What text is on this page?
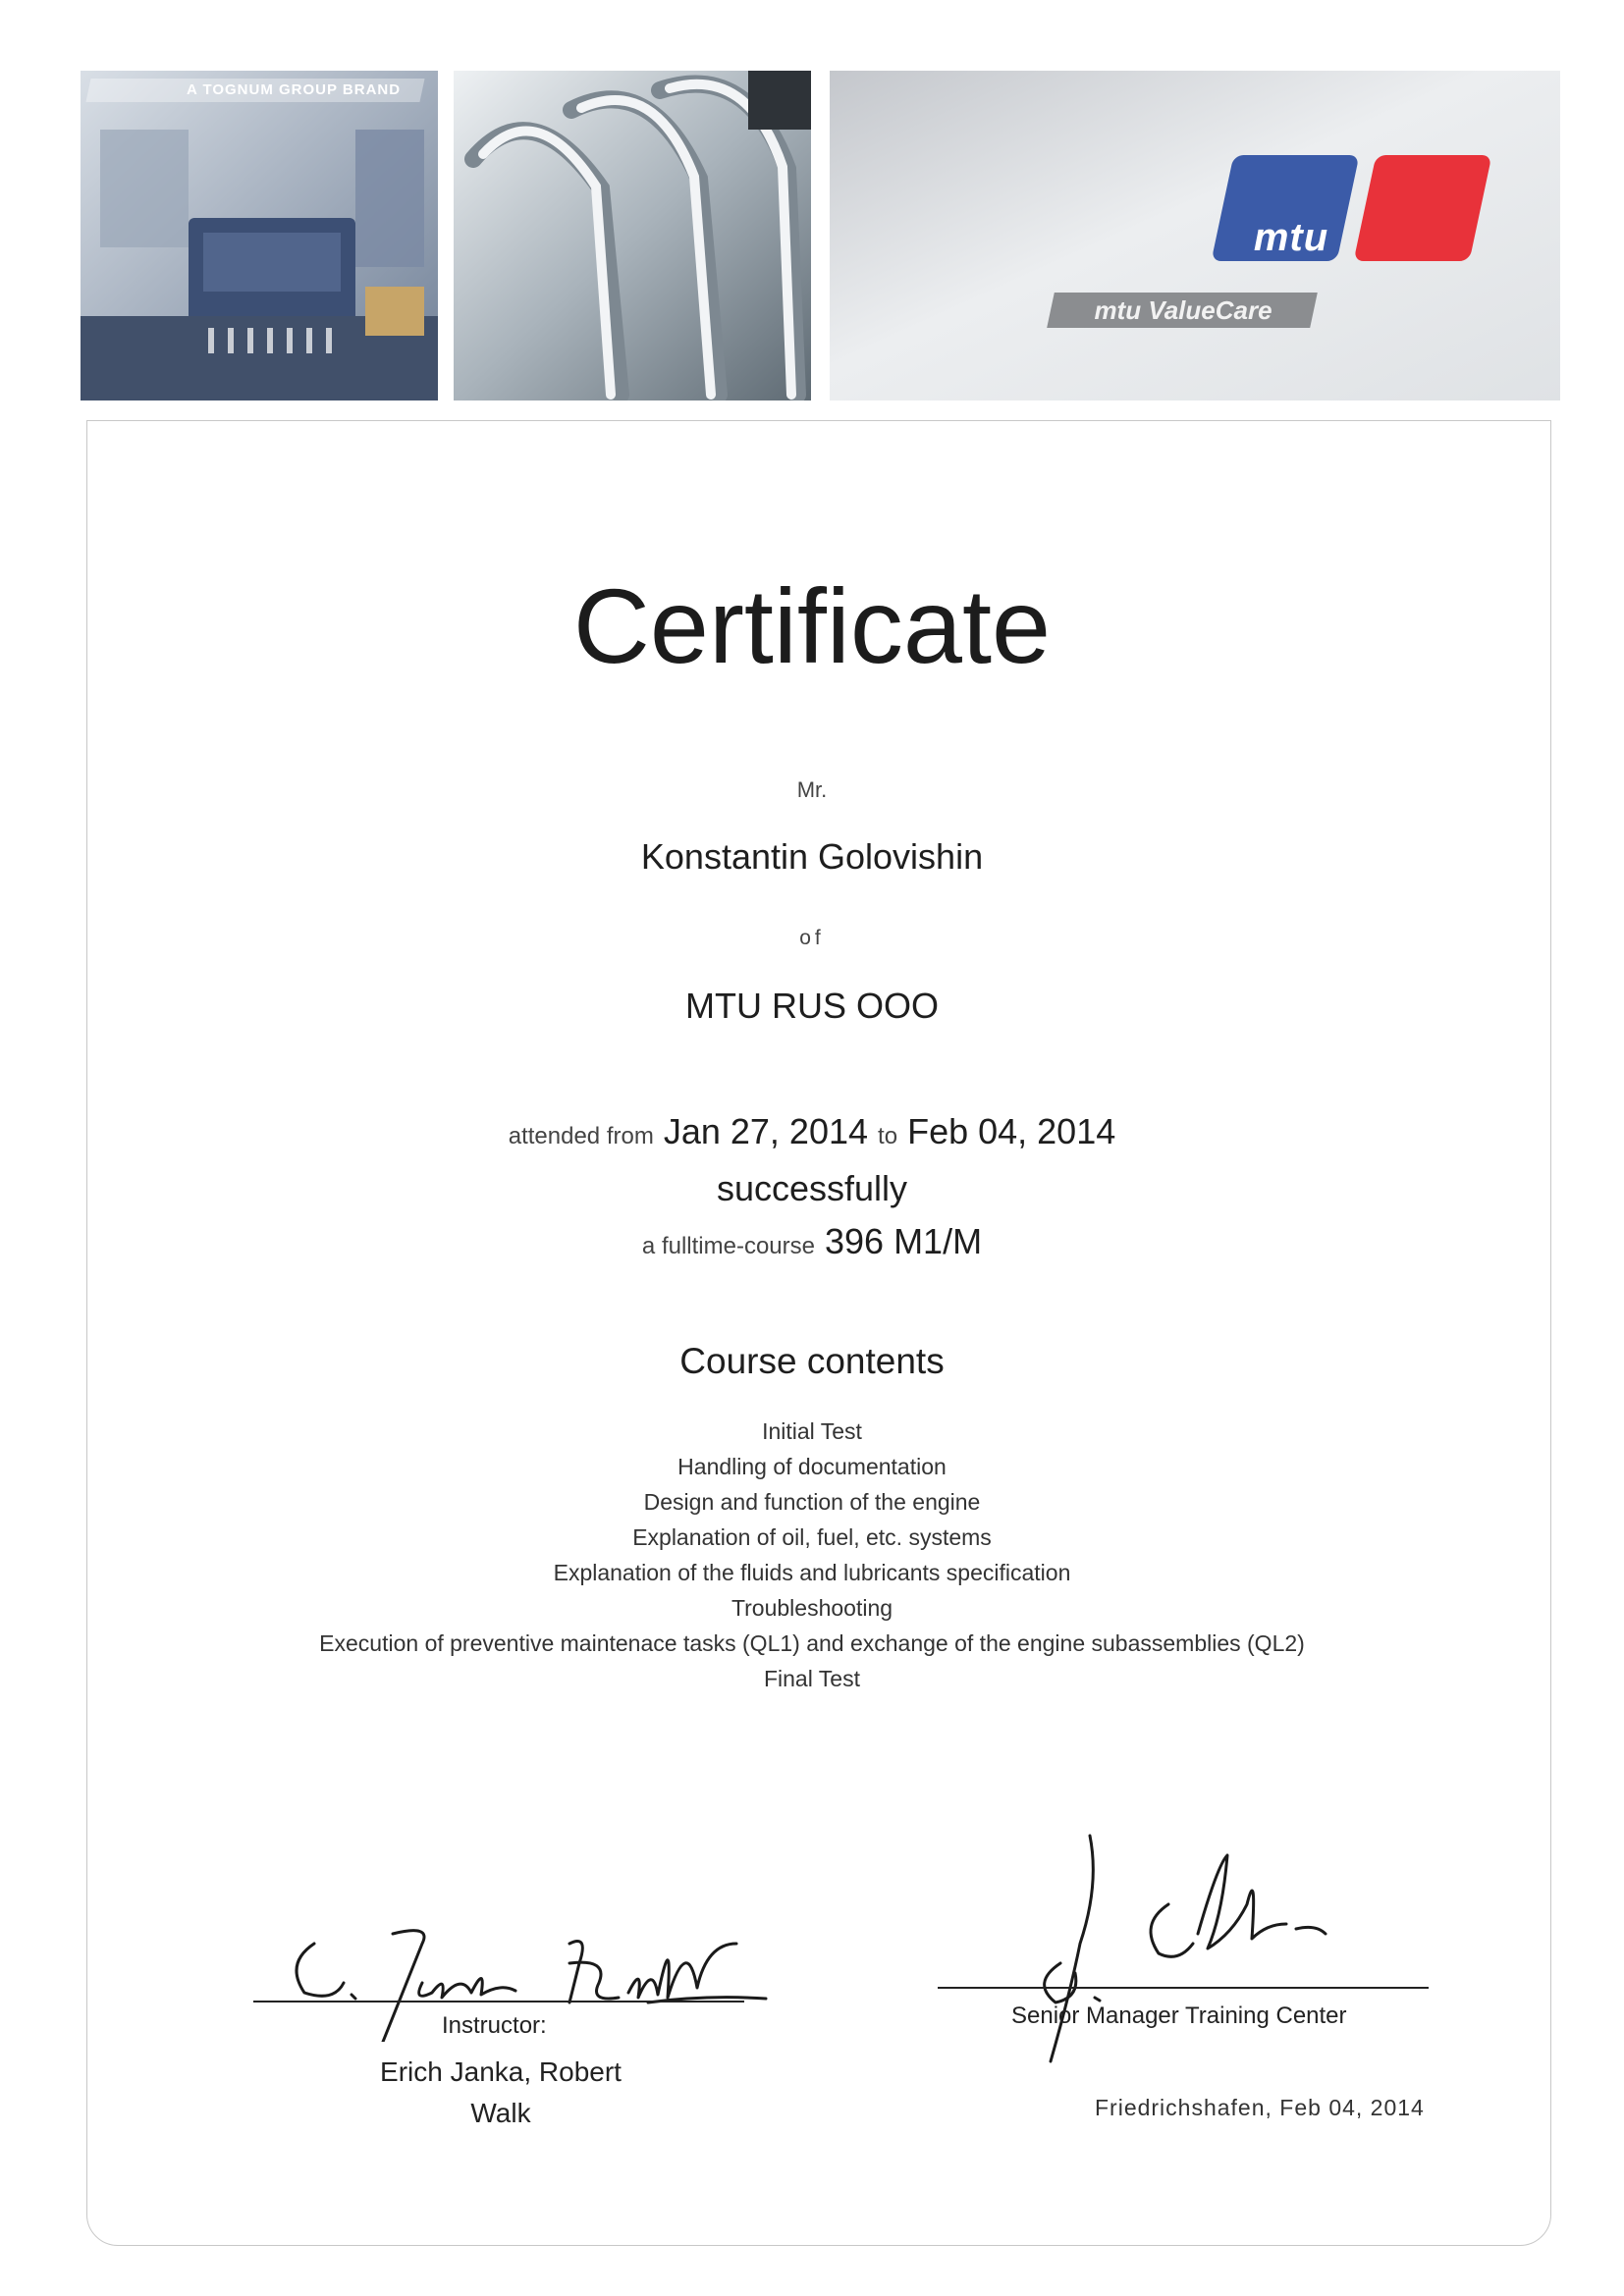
A TOGNUM GROUP BRAND
mtu
mtu ValueCare
Certificate
Mr.
Konstantin Golovishin
of
MTU RUS OOO
attended from Jan 27, 2014 to Feb 04, 2014
successfully
a fulltime-course 396 M1/M
Course contents
Initial Test
Handling of documentation
Design and function of the engine
Explanation of oil, fuel, etc. systems
Explanation of the fluids and lubricants specification
Troubleshooting
Execution of preventive maintenace tasks (QL1) and exchange of the engine subassemblies (QL2)
Final Test
Instructor:
Erich Janka, Robert Walk
Senior Manager Training Center
Friedrichshafen, Feb 04, 2014
